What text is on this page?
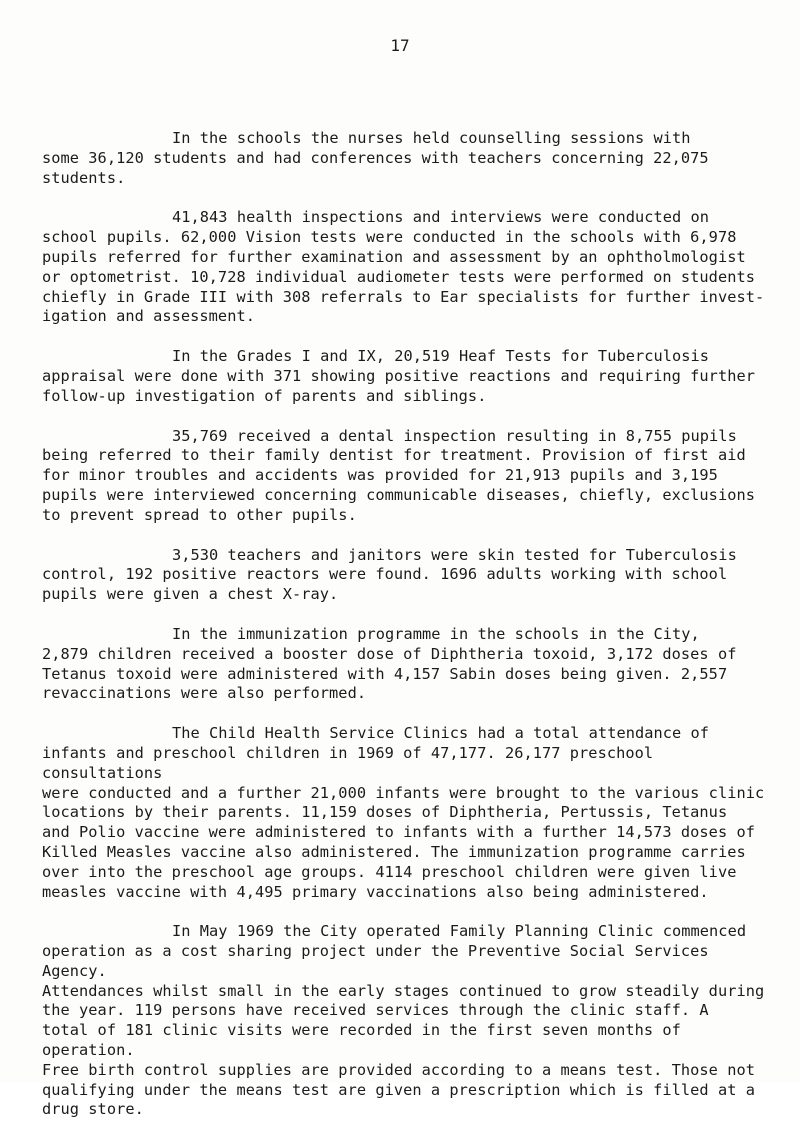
17

In the schools the nurses held counselling sessions with
some 36,120 students and had conferences with teachers concerning 22,075
students.

41,843 health inspections and interviews were conducted on
school pupils. 62,000 Vision tests were conducted in the schools with 6,978
pupils referred for further examination and assessment by an ophtholmologist
or optometrist. 10,728 individual audiometer tests were performed on students
chiefly in Grade III with 308 referrals to Ear specialists for further invest-
igation and assessment.

In the Grades I and IX, 20,519 Heaf Tests for Tuberculosis
appraisal were done with 371 showing positive reactions and requiring further
follow-up investigation of parents and siblings.

35,769 received a dental inspection resulting in 8,755 pupils
being referred to their family dentist for treatment. Provision of first aid
for minor troubles and accidents was provided for 21,913 pupils and 3,195
pupils were interviewed concerning communicable diseases, chiefly, exclusions
to prevent spread to other pupils.

3,530 teachers and janitors were skin tested for Tuberculosis
control, 192 positive reactors were found. 1696 adults working with school
pupils were given a chest X-ray.

In the immunization programme in the schools in the City,
2,879 children received a booster dose of Diphtheria toxoid, 3,172 doses of
Tetanus toxoid were administered with 4,157 Sabin doses being given. 2,557
revaccinations were also performed.

The Child Health Service Clinics had a total attendance of
infants and preschool children in 1969 of 47,177. 26,177 preschool consultations
were conducted and a further 21,000 infants were brought to the various clinic
locations by their parents. 11,159 doses of Diphtheria, Pertussis, Tetanus
and Polio vaccine were administered to infants with a further 14,573 doses of
Killed Measles vaccine also administered. The immunization programme carries
over into the preschool age groups. 4114 preschool children were given live
measles vaccine with 4,495 primary vaccinations also being administered.

In May 1969 the City operated Family Planning Clinic commenced
operation as a cost sharing project under the Preventive Social Services Agency.
Attendances whilst small in the early stages continued to grow steadily during
the year. 119 persons have received services through the clinic staff. A
total of 181 clinic visits were recorded in the first seven months of operation.
Free birth control supplies are provided according to a means test. Those not
qualifying under the means test are given a prescription which is filled at a
drug store.
